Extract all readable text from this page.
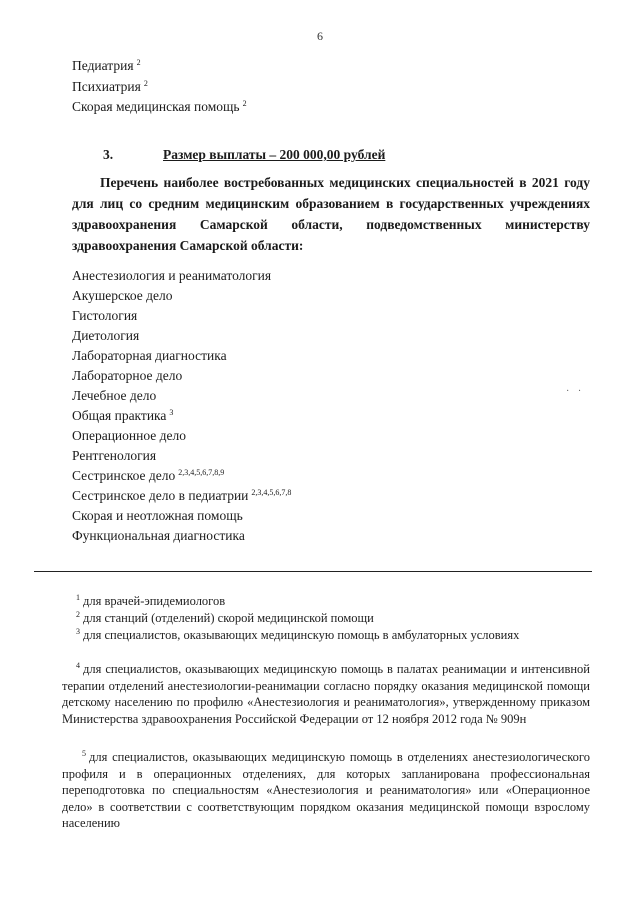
6
Педиатрия $^2$
Психиатрия $^2$
Скорая медицинская помощь $^2$
3.	Размер выплаты – 200 000,00 рублей
Перечень наиболее востребованных медицинских специальностей в 2021 году для лиц со средним медицинским образованием в государственных учреждениях здравоохранения Самарской области, подведомственных министерству здравоохранения Самарской области:
Анестезиология и реаниматология
Акушерское дело
Гистология
Диетология
Лабораторная диагностика
Лабораторное дело
Лечебное дело
Общая практика $^3$
Операционное дело
Рентгенология
Сестринское дело $^{2,3,4,5,6,7,8,9}$
Сестринское дело в педиатрии $^{2,3,4,5,6,7,8}$
Скорая и неотложная помощь
Функциональная диагностика
· ·
$^1$ для врачей-эпидемиологов
$^2$ для станций (отделений) скорой медицинской помощи
$^3$ для специалистов, оказывающих медицинскую помощь в амбулаторных условиях
$^4$ для специалистов, оказывающих медицинскую помощь в палатах реанимации и интенсивной терапии отделений анестезиологии-реанимации согласно порядку оказания медицинской помощи детскому населению по профилю «Анестезиология и реаниматология», утвержденному приказом Министерства здравоохранения Российской Федерации от 12 ноября 2012 года № 909н
$^5$ для специалистов, оказывающих медицинскую помощь в отделениях анестезиологического профиля и в операционных отделениях, для которых запланирована профессиональная переподготовка по специальностям «Анестезиология и реаниматология» или «Операционное дело» в соответствии с соответствующим порядком оказания медицинской помощи взрослому населению
